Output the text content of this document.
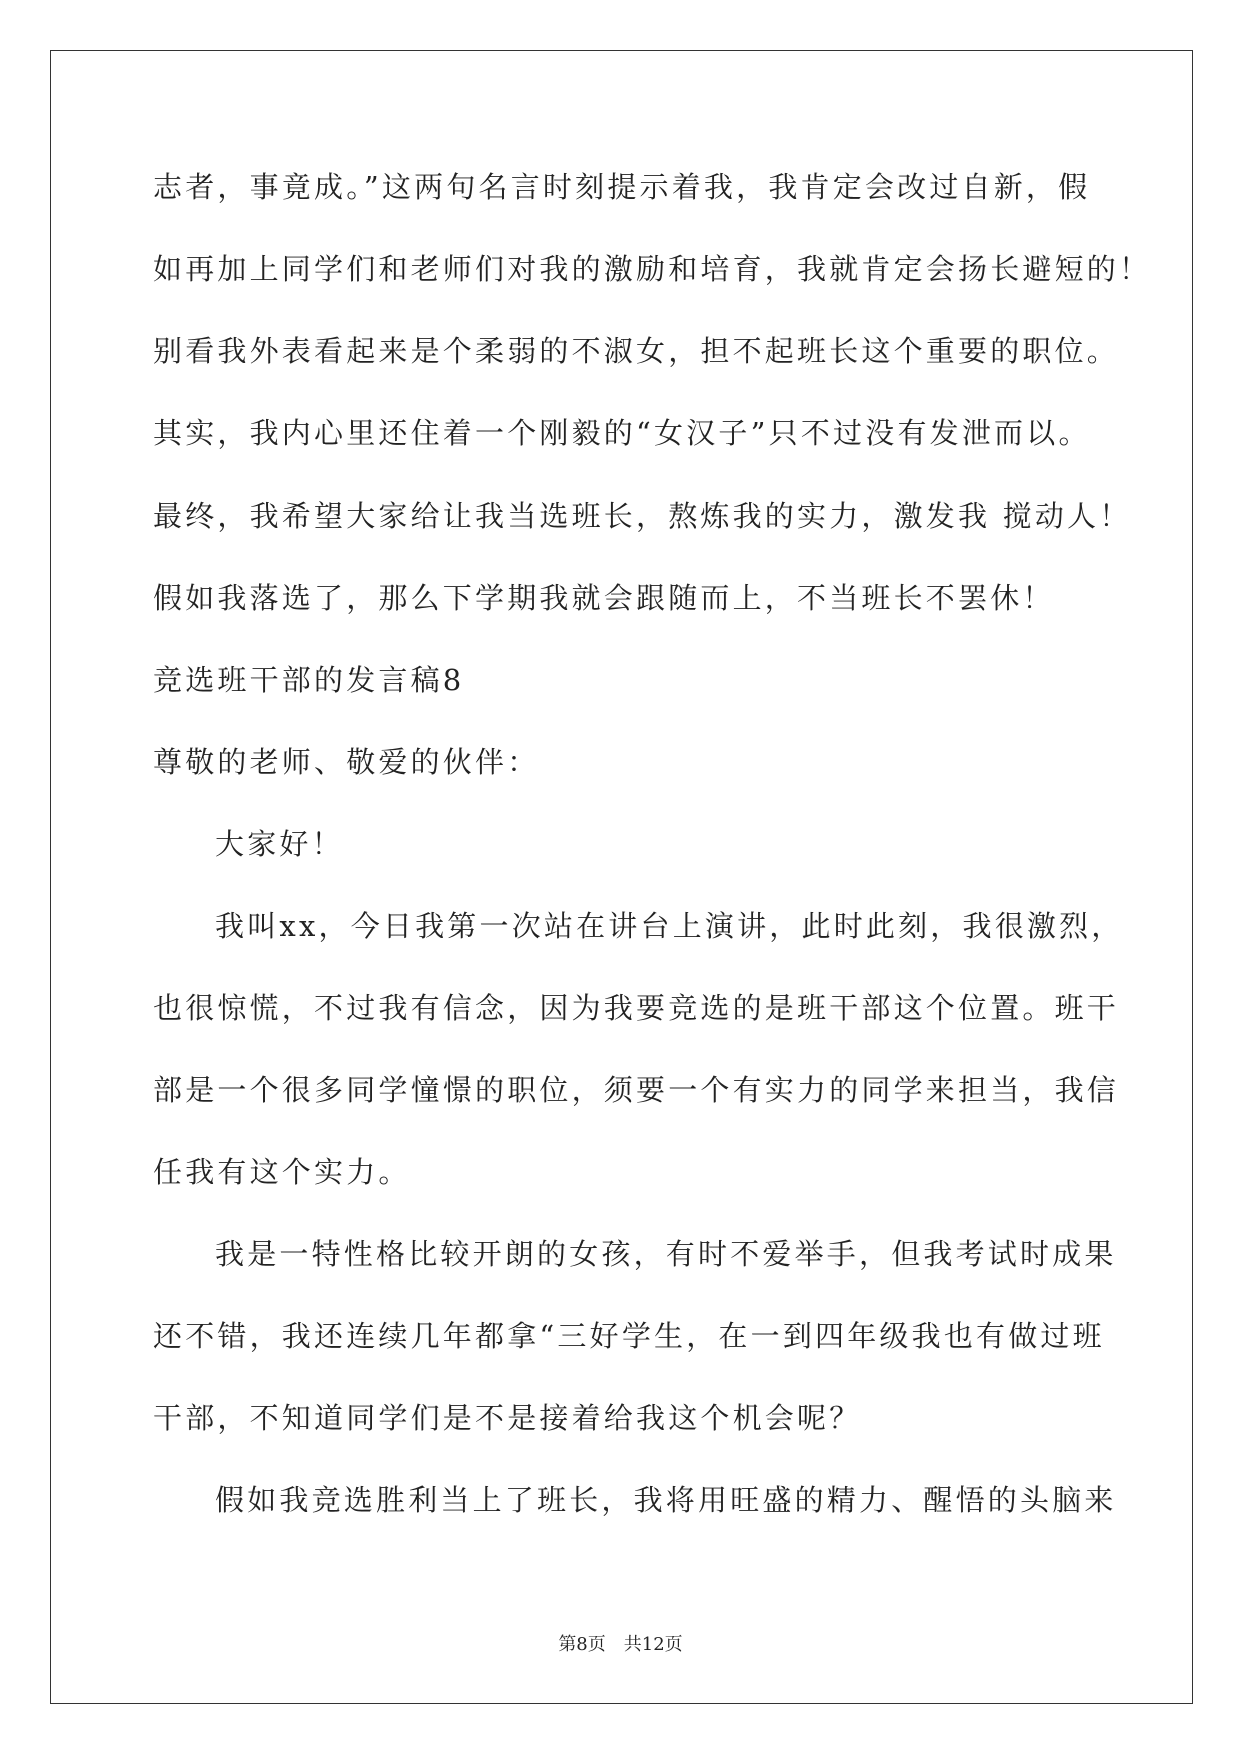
志者，事竟成。”这两句名言时刻提示着我，我肯定会改过自新，假
如再加上同学们和老师们对我的激励和培育，我就肯定会扬长避短的！
别看我外表看起来是个柔弱的不淑女，担不起班长这个重要的职位。
其实，我内心里还住着一个刚毅的“女汉子”只不过没有发泄而以。
最终，我希望大家给让我当选班长，熬炼我的实力，激发我 搅动人！
假如我落选了，那么下学期我就会跟随而上，不当班长不罢休！
竞选班干部的发言稿8
尊敬的老师、敬爱的伙伴：
大家好！
我叫xx，今日我第一次站在讲台上演讲，此时此刻，我很激烈，
也很惊慌，不过我有信念，因为我要竞选的是班干部这个位置。班干
部是一个很多同学憧憬的职位，须要一个有实力的同学来担当，我信
任我有这个实力。
我是一特性格比较开朗的女孩，有时不爱举手，但我考试时成果
还不错，我还连续几年都拿“三好学生，在一到四年级我也有做过班
干部，不知道同学们是不是接着给我这个机会呢？
假如我竞选胜利当上了班长，我将用旺盛的精力、醒悟的头脑来
第8页　共12页
